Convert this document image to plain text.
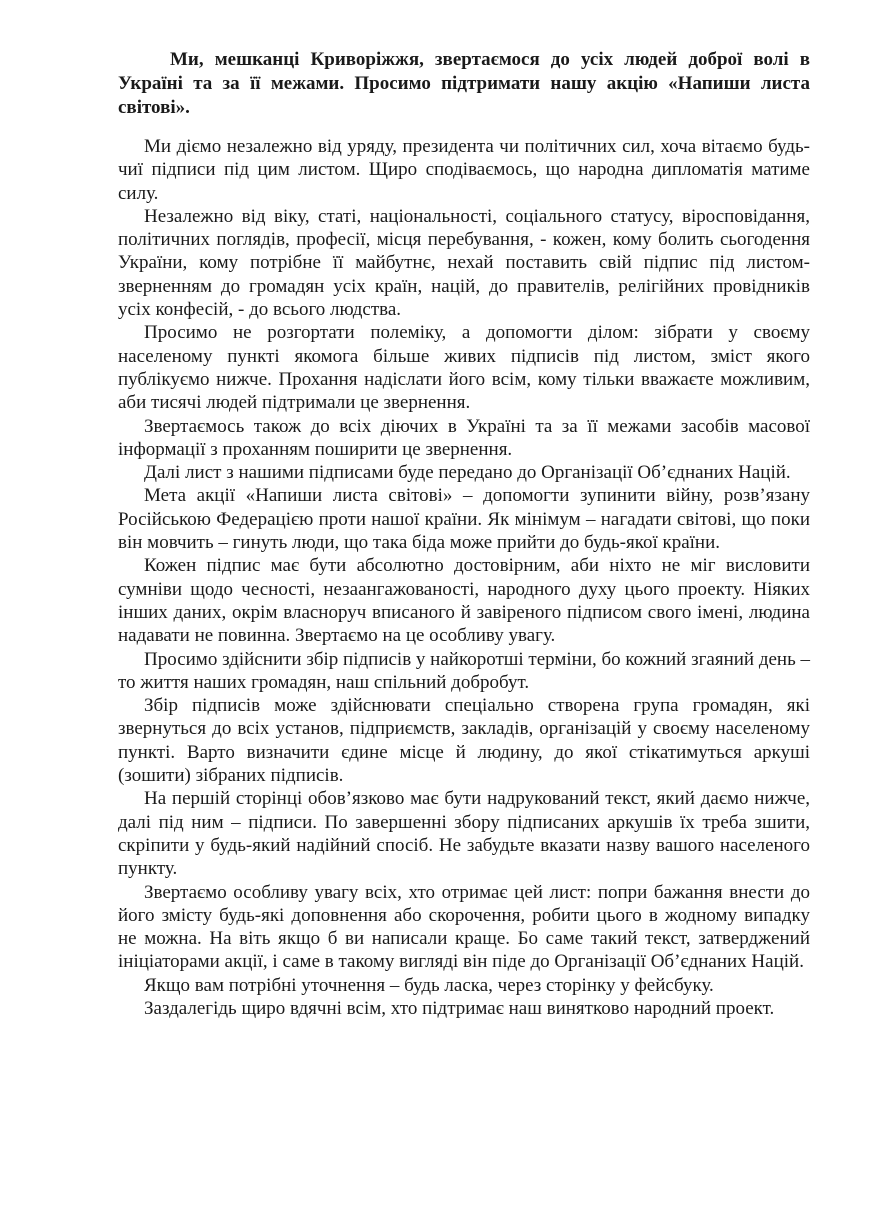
Ми, мешканці Криворіжжя, звертаємося до усіх людей доброї волі в Україні та за її межами. Просимо підтримати нашу акцію «Напиши листа світові».

Ми діємо незалежно від уряду, президента чи політичних сил, хоча вітаємо будь-чиї підписи під цим листом. Щиро сподіваємось, що народна дипломатія матиме силу.

Незалежно від віку, статі, національності, соціального статусу, віросповідання, політичних поглядів, професії, місця перебування, - кожен, кому болить сьогодення України, кому потрібне її майбутнє, нехай поставить свій підпис під листом-зверненням до громадян усіх країн, націй, до правителів, релігійних провідників усіх конфесій, - до всього людства.

Просимо не розгортати полеміку, а допомогти ділом: зібрати у своєму населеному пункті якомога більше живих підписів під листом, зміст якого публікуємо нижче. Прохання надіслати його всім, кому тільки вважаєте можливим, аби тисячі людей підтримали це звернення.

Звертаємось також до всіх діючих в Україні та за її межами засобів масової інформації з проханням поширити це звернення.

Далі лист з нашими підписами буде передано до Організації Об’єднаних Націй.

Мета акції «Напиши листа світові» – допомогти зупинити війну, розв’язану Російською Федерацією проти нашої країни. Як мінімум – нагадати світові, що поки він мовчить – гинуть люди, що така біда може прийти до будь-якої країни.

Кожен підпис має бути абсолютно достовірним, аби ніхто не міг висловити сумніви щодо чесності, незаангажованості, народного духу цього проекту. Ніяких інших даних, окрім власноруч вписаного й завіреного підписом свого імені, людина надавати не повинна. Звертаємо на це особливу увагу.

Просимо здійснити збір підписів у найкоротші терміни, бо кожний згаяний день – то життя наших громадян, наш спільний добробут.

Збір підписів може здійснювати спеціально створена група громадян, які звернуться до всіх установ, підприємств, закладів, організацій у своєму населеному пункті. Варто визначити єдине місце й людину, до якої стікатимуться аркуші (зошити) зібраних підписів.

На першій сторінці обов’язково має бути надрукований текст, який даємо нижче, далі під ним – підписи. По завершенні збору підписаних аркушів їх треба зшити, скріпити у будь-який надійний спосіб. Не забудьте вказати назву вашого населеного пункту.

Звертаємо особливу увагу всіх, хто отримає цей лист: попри бажання внести до його змісту будь-які доповнення або скорочення, робити цього в жодному випадку не можна. На віть якщо б ви написали краще. Бо саме такий текст, затверджений ініціаторами акції, і саме в такому вигляді він піде до Організації Об’єднаних Націй.

Якщо вам потрібні уточнення – будь ласка, через сторінку у фейсбуку.

Заздалегідь щиро вдячні всім, хто підтримає наш винятково народний проект.
